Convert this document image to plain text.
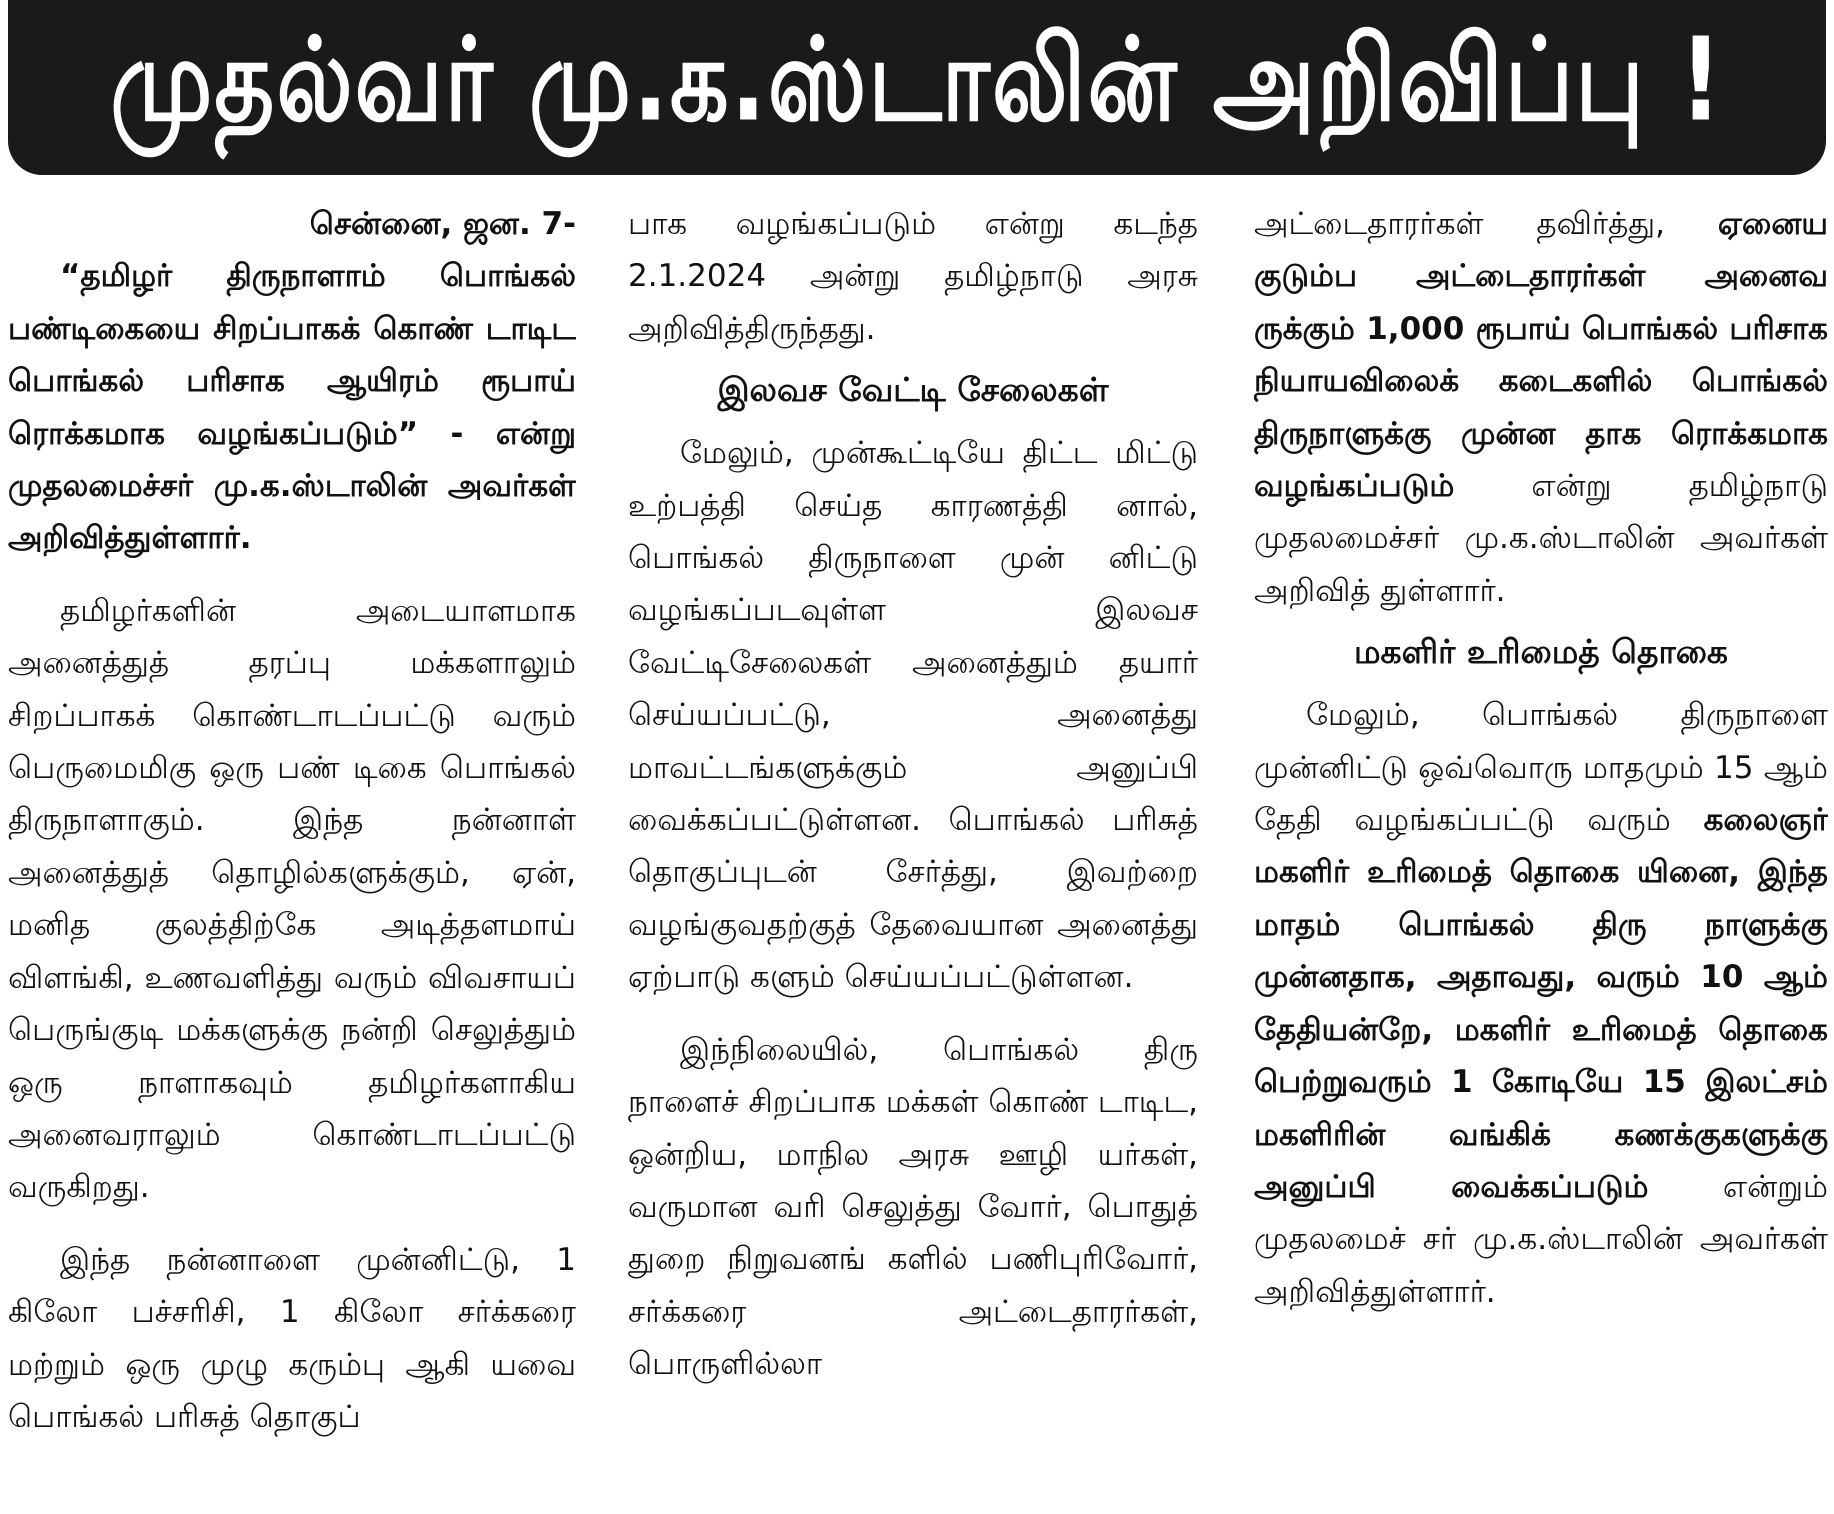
முதல்வர் மு.க.ஸ்டாலின் அறிவிப்பு !

சென்னை, ஜன. 7-

“தமிழர் திருநாளாம் பொங்கல் பண்டிகையை சிறப்பாகக் கொண் டாடிட பொங்கல் பரிசாக ஆயிரம் ரூபாய் ரொக்கமாக வழங்கப்படும்” - என்று முதலமைச்சர் மு.க.ஸ்டாலின் அவர்கள் அறிவித்துள்ளார்.

தமிழர்களின் அடையாளமாக அனைத்துத் தரப்பு மக்களாலும் சிறப்பாகக் கொண்டாடப்பட்டு வரும் பெருமைமிகு ஒரு பண் டிகை பொங்கல் திருநாளாகும். இந்த நன்னாள் அனைத்துத் தொழில்களுக்கும், ஏன், மனித குலத்திற்கே அடித்தளமாய் விளங்கி, உணவளித்து வரும் விவசாயப் பெருங்குடி மக்களுக்கு நன்றி செலுத்தும் ஒரு நாளாகவும் தமிழர்களாகிய அனைவராலும் கொண்டாடப்பட்டு வருகிறது.

இந்த நன்னாளை முன்னிட்டு, 1 கிலோ பச்சரிசி, 1 கிலோ சர்க்கரை மற்றும் ஒரு முழு கரும்பு ஆகி யவை பொங்கல் பரிசுத் தொகுப்

பாக வழங்கப்படும் என்று கடந்த 2.1.2024 அன்று தமிழ்நாடு அரசு அறிவித்திருந்தது.

இலவச வேட்டி சேலைகள்

மேலும், முன்கூட்டியே திட்ட மிட்டு உற்பத்தி செய்த காரணத்தி னால், பொங்கல் திருநாளை முன் னிட்டு வழங்கப்படவுள்ள இலவச வேட்டிசேலைகள் அனைத்தும் தயார் செய்யப்பட்டு, அனைத்து மாவட்டங்களுக்கும் அனுப்பி வைக்கப்பட்டுள்ளன. பொங்கல் பரிசுத் தொகுப்புடன் சேர்த்து, இவற்றை வழங்குவதற்குத் தேவையான அனைத்து ஏற்பாடு களும் செய்யப்பட்டுள்ளன.

இந்நிலையில், பொங்கல் திரு நாளைச் சிறப்பாக மக்கள் கொண் டாடிட, ஒன்றிய, மாநில அரசு ஊழி யர்கள், வருமான வரி செலுத்து வோர், பொதுத் துறை நிறுவனங் களில் பணிபுரிவோர், சர்க்கரை அட்டைதாரர்கள், பொருளில்லா

அட்டைதாரர்கள் தவிர்த்து, ஏனைய குடும்ப அட்டைதாரர்கள் அனைவ ருக்கும் 1,000 ரூபாய் பொங்கல் பரிசாக நியாயவிலைக் கடைகளில் பொங்கல் திருநாளுக்கு முன்ன தாக ரொக்கமாக வழங்கப்படும் என்று தமிழ்நாடு முதலமைச்சர் மு.க.ஸ்டாலின் அவர்கள் அறிவித் துள்ளார்.

மகளிர் உரிமைத் தொகை

மேலும், பொங்கல் திருநாளை முன்னிட்டு ஒவ்வொரு மாதமும் 15 ஆம் தேதி வழங்கப்பட்டு வரும் கலைஞர் மகளிர் உரிமைத் தொகை யினை, இந்த மாதம் பொங்கல் திரு நாளுக்கு முன்னதாக, அதாவது, வரும் 10 ஆம் தேதியன்றே, மகளிர் உரிமைத் தொகை பெற்றுவரும் 1 கோடியே 15 இலட்சம் மகளிரின் வங்கிக் கணக்குகளுக்கு அனுப்பி வைக்கப்படும் என்றும் முதலமைச் சர் மு.க.ஸ்டாலின் அவர்கள் அறிவித்துள்ளார்.
